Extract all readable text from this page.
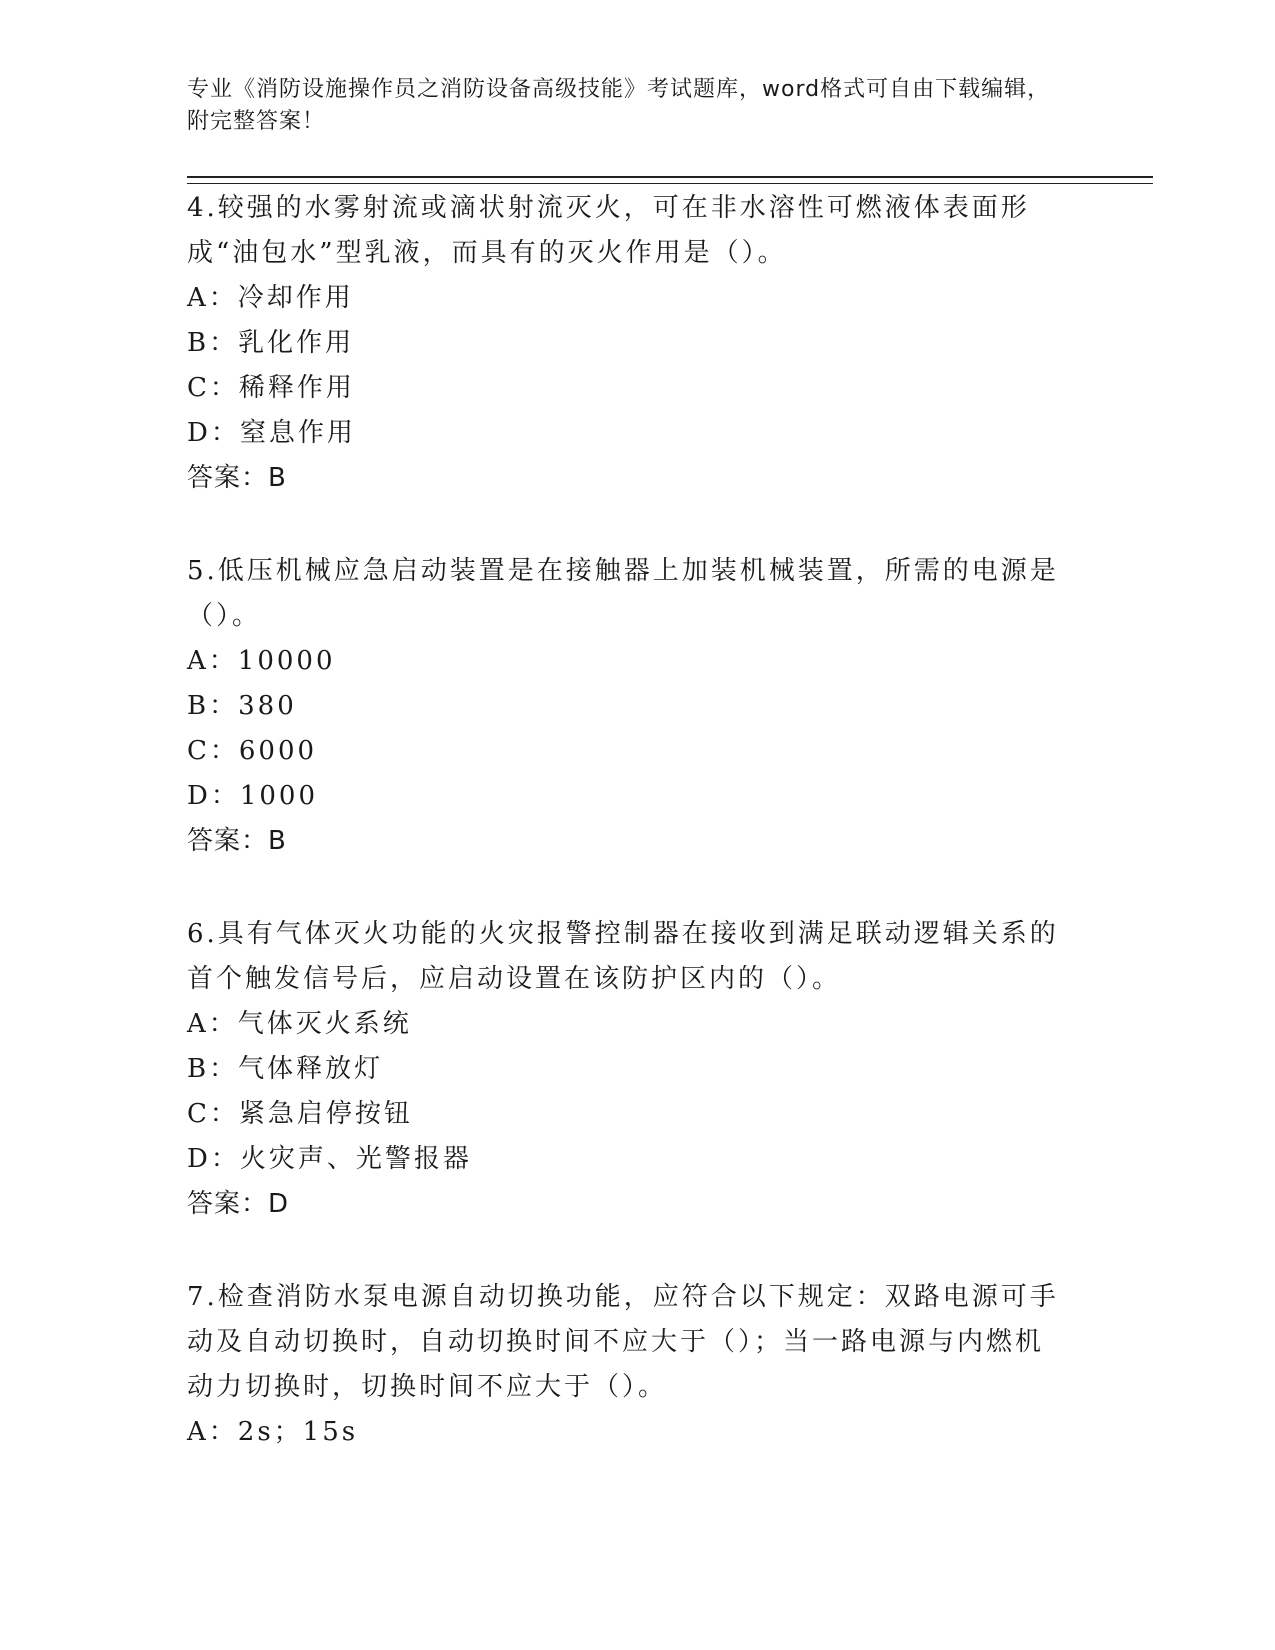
专业《消防设施操作员之消防设备高级技能》考试题库，word格式可自由下载编辑，附完整答案！

4.较强的水雾射流或滴状射流灭火，可在非水溶性可燃液体表面形成“油包水”型乳液，而具有的灭火作用是（）。

A：冷却作用

B：乳化作用

C：稀释作用

D：窒息作用

答案：B

5.低压机械应急启动装置是在接触器上加装机械装置，所需的电源是（）。

A：10000

B：380

C：6000

D：1000

答案：B

6.具有气体灭火功能的火灾报警控制器在接收到满足联动逻辑关系的首个触发信号后，应启动设置在该防护区内的（）。

A：气体灭火系统

B：气体释放灯

C：紧急启停按钮

D：火灾声、光警报器

答案：D

7.检查消防水泵电源自动切换功能，应符合以下规定：双路电源可手动及自动切换时，自动切换时间不应大于（）；当一路电源与内燃机动力切换时，切换时间不应大于（）。

A：2s；15s
